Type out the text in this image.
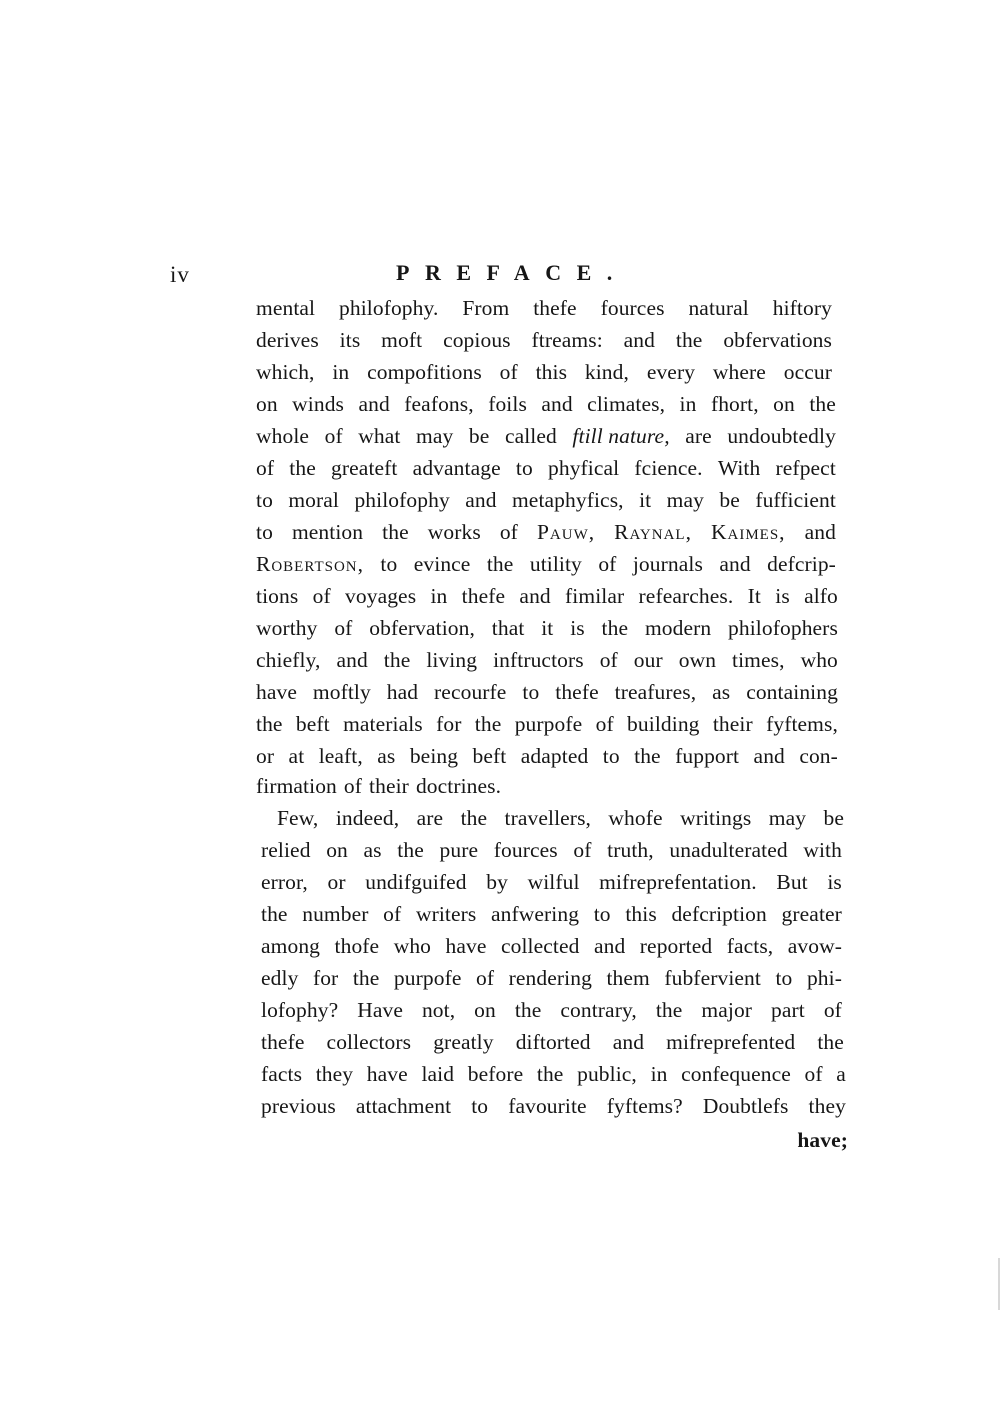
iv	PREFACE.
mental philofophy. From thefe fources natural hiftory
derives its moft copious ftreams: and the obfervations
which, in compofitions of this kind, every where occur
on winds and feafons, foils and climates, in fhort, on the
whole of what may be called ftill nature, are undoubtedly
of the greateft advantage to phyfical fcience. With refpect
to moral philofophy and metaphyfics, it may be fufficient
to mention the works of Pauw, Raynal, Kaimes, and
Robertson, to evince the utility of journals and defcrip-
tions of voyages in thefe and fimilar refearches. It is alfo
worthy of obfervation, that it is the modern philofophers
chiefly, and the living inftructors of our own times, who
have moftly had recourfe to thefe treafures, as containing
the beft materials for the purpofe of building their fyftems,
or at leaft, as being beft adapted to the fupport and con-
firmation of their doctrines.
Few, indeed, are the travellers, whofe writings may be
relied on as the pure fources of truth, unadulterated with
error, or undifguifed by wilful mifreprefentation. But is
the number of writers anfwering to this defcription greater
among thofe who have collected and reported facts, avow-
edly for the purpofe of rendering them fubfervient to phi-
lofophy? Have not, on the contrary, the major part of
thefe collectors greatly diftorted and mifreprefented the
facts they have laid before the public, in confequence of a
previous attachment to favourite fyftems? Doubtlefs they
have;
